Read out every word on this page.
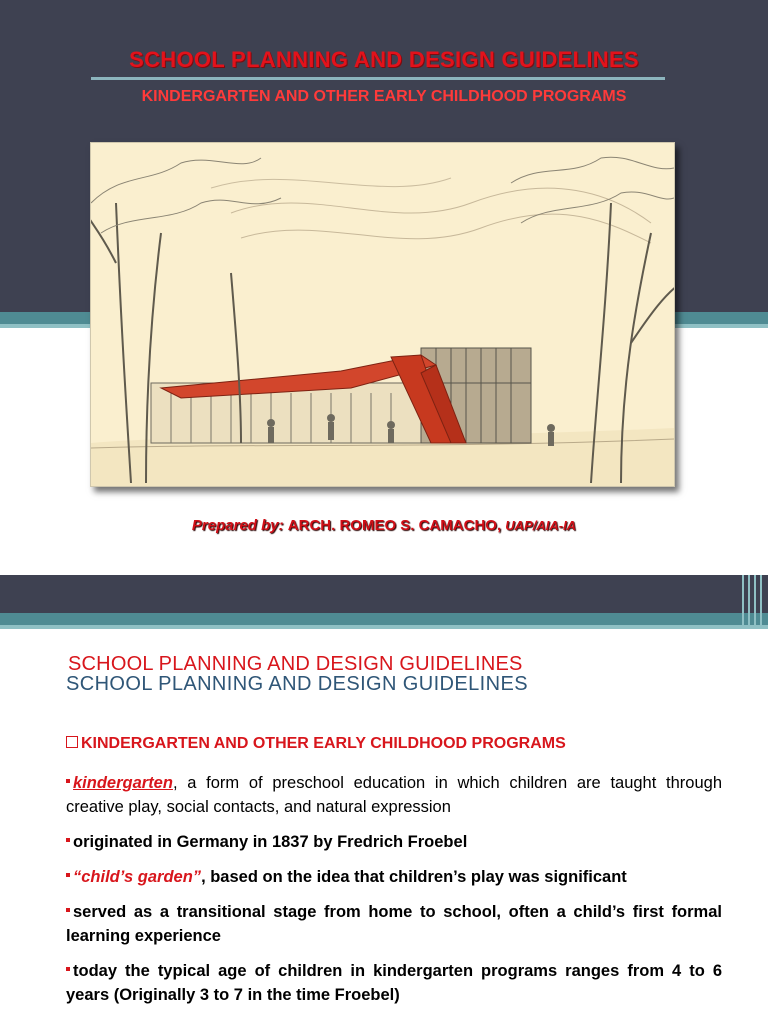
SCHOOL PLANNING AND DESIGN GUIDELINES
KINDERGARTEN AND OTHER EARLY CHILDHOOD PROGRAMS
Prepared by: ARCH. ROMEO S. CAMACHO, UAP/AIA-IA
SCHOOL PLANNING AND DESIGN GUIDELINES
SCHOOL PLANNING AND DESIGN GUIDELINES
KINDERGARTEN AND OTHER EARLY CHILDHOOD PROGRAMS
kindergarten, a form of preschool education in which children are taught through creative play, social contacts, and natural expression
originated in Germany in 1837 by Fredrich Froebel
“child’s garden”, based on the idea that children’s play was significant
served as a transitional stage from home to school, often a child’s first formal learning experience
today the typical age of children in kindergarten programs ranges from 4 to 6 years (Originally 3 to 7 in the time Froebel)
